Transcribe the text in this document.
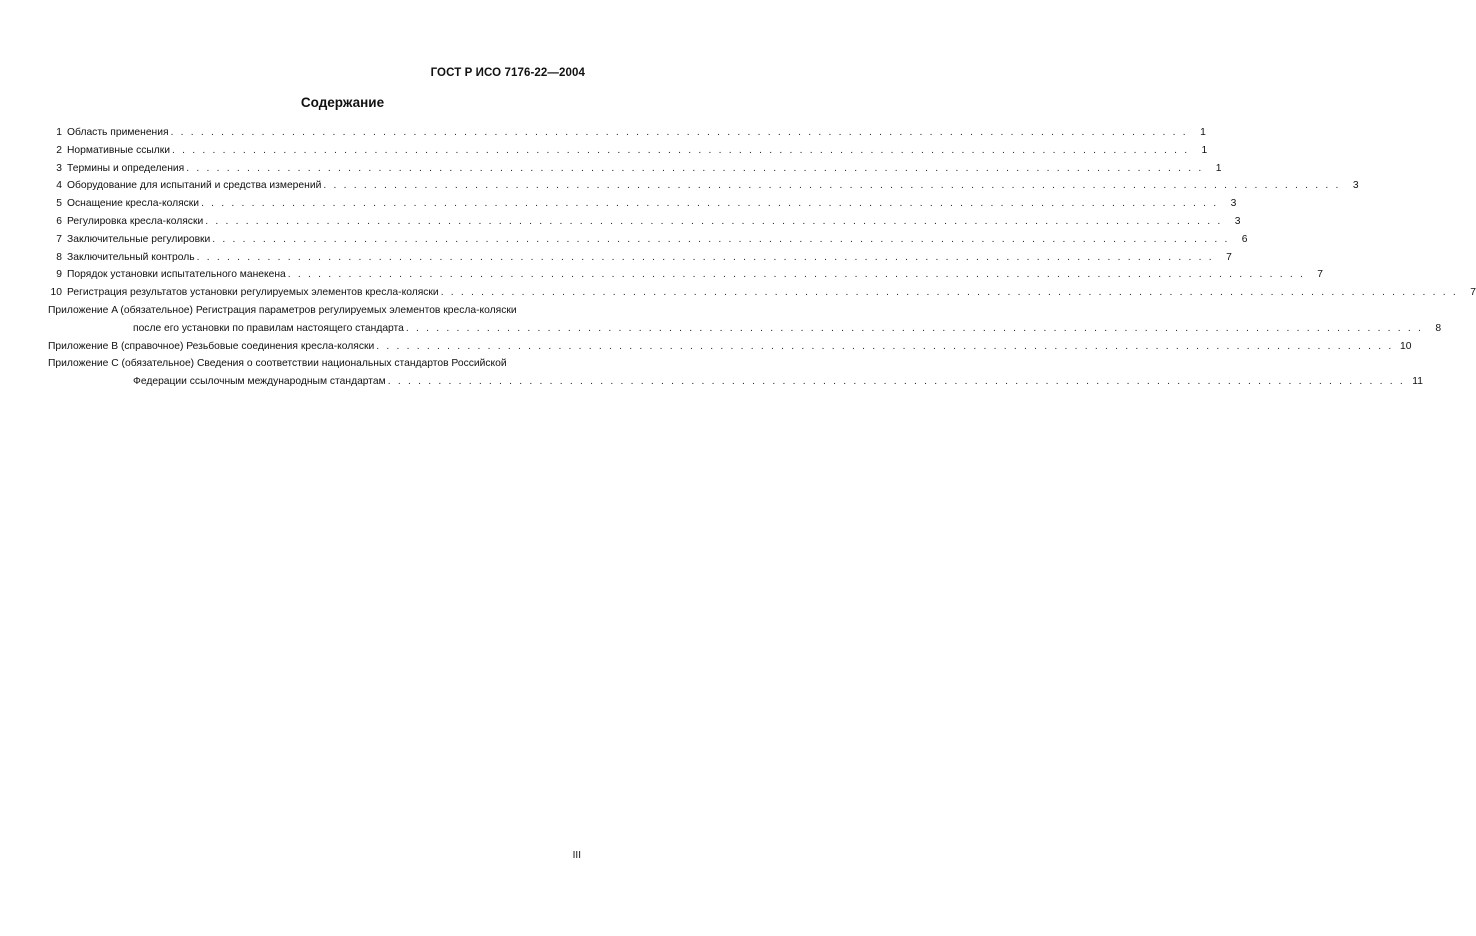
ГОСТ Р ИСО 7176-22—2004
Содержание
1 Область применения . . . . . . . . . . . . . . . . . . . . . . . . . . . . . . . . . . . . . . . . . . . . . . . . . . . . . . . . . . . . . . . . . . . . . . . . . . . . . . . . . . . . . . . . . . . . . . . . . . . . .	1
2 Нормативные ссылки . . . . . . . . . . . . . . . . . . . . . . . . . . . . . . . . . . . . . . . . . . . . . . . . . . . . . . . . . . . . . . . . . . . . . . . . . . . . . . . . . . . . . . . . . . . . . . . . . . . . .	1
3 Термины и определения . . . . . . . . . . . . . . . . . . . . . . . . . . . . . . . . . . . . . . . . . . . . . . . . . . . . . . . . . . . . . . . . . . . . . . . . . . . . . . . . . . . . . . . . . . . . . . . . . . . . .	1
4 Оборудование для испытаний и средства измерений . . . . . . . . . . . . . . . . . . . . . . . . . . . . . . . . . . . . . . . . . . . . . . . . . . . . . . . . . . . . . . . . . . . . . . . . . . . . . . . . . . . . . . . . . . . . . . . . . . . . .	3
5 Оснащение кресла-коляски . . . . . . . . . . . . . . . . . . . . . . . . . . . . . . . . . . . . . . . . . . . . . . . . . . . . . . . . . . . . . . . . . . . . . . . . . . . . . . . . . . . . . . . . . . . . . . . . . . . . .	3
6 Регулировка кресла-коляски . . . . . . . . . . . . . . . . . . . . . . . . . . . . . . . . . . . . . . . . . . . . . . . . . . . . . . . . . . . . . . . . . . . . . . . . . . . . . . . . . . . . . . . . . . . . . . . . . . . . .	3
7 Заключительные регулировки . . . . . . . . . . . . . . . . . . . . . . . . . . . . . . . . . . . . . . . . . . . . . . . . . . . . . . . . . . . . . . . . . . . . . . . . . . . . . . . . . . . . . . . . . . . . . . . . . . . . .	6
8 Заключительный контроль . . . . . . . . . . . . . . . . . . . . . . . . . . . . . . . . . . . . . . . . . . . . . . . . . . . . . . . . . . . . . . . . . . . . . . . . . . . . . . . . . . . . . . . . . . . . . . . . . . . . .	7
9 Порядок установки испытательного манекена . . . . . . . . . . . . . . . . . . . . . . . . . . . . . . . . . . . . . . . . . . . . . . . . . . . . . . . . . . . . . . . . . . . . . . . . . . . . . . . . . . . . . . . . . . . . . . . . . . . . .	7
10 Регистрация результатов установки регулируемых элементов кресла-коляски . . . . . . . . . . . . . . . . . . . . . . . . . . . . . . . . . . . . . . . . . . . . . . . . . . . . . . . . . . . . . . . . . . . . . . . . . . . . . . . . . . . . . . . . . . . . . . . . . . . . .	7
Приложение A (обязательное) Регистрация параметров регулируемых элементов кресла-коляски
после его установки по правилам настоящего стандарта . . . . . . . . . . . . . . . . . . . . . . . . . . . . . . . . . . . . . . . . . . . . . . . . . . . . . . . . . . . . . . . . . . . . . . . . . . . . . . . . . . . . . . . . . . . . . . . . . . . . .	8
Приложение B (справочное) Резьбовые соединения кресла-коляски . . . . . . . . . . . . . . . . . . . . . . . . . . . . . . . . . . . . . . . . . . . . . . . . . . . . . . . . . . . . . . . . . . . . . . . . . . . . . . . . . . . . . . . . . . . . . . . . . . . . . 10
Приложение C (обязательное) Сведения о соответствии национальных стандартов Российской
Федерации ссылочным международным стандартам . . . . . . . . . . . . . . . . . . . . . . . . . . . . . . . . . . . . . . . . . . . . . . . . . . . . . . . . . . . . . . . . . . . . . . . . . . . . . . . . . . . . . . . . . . . . . . . . . . . . . 11
III
